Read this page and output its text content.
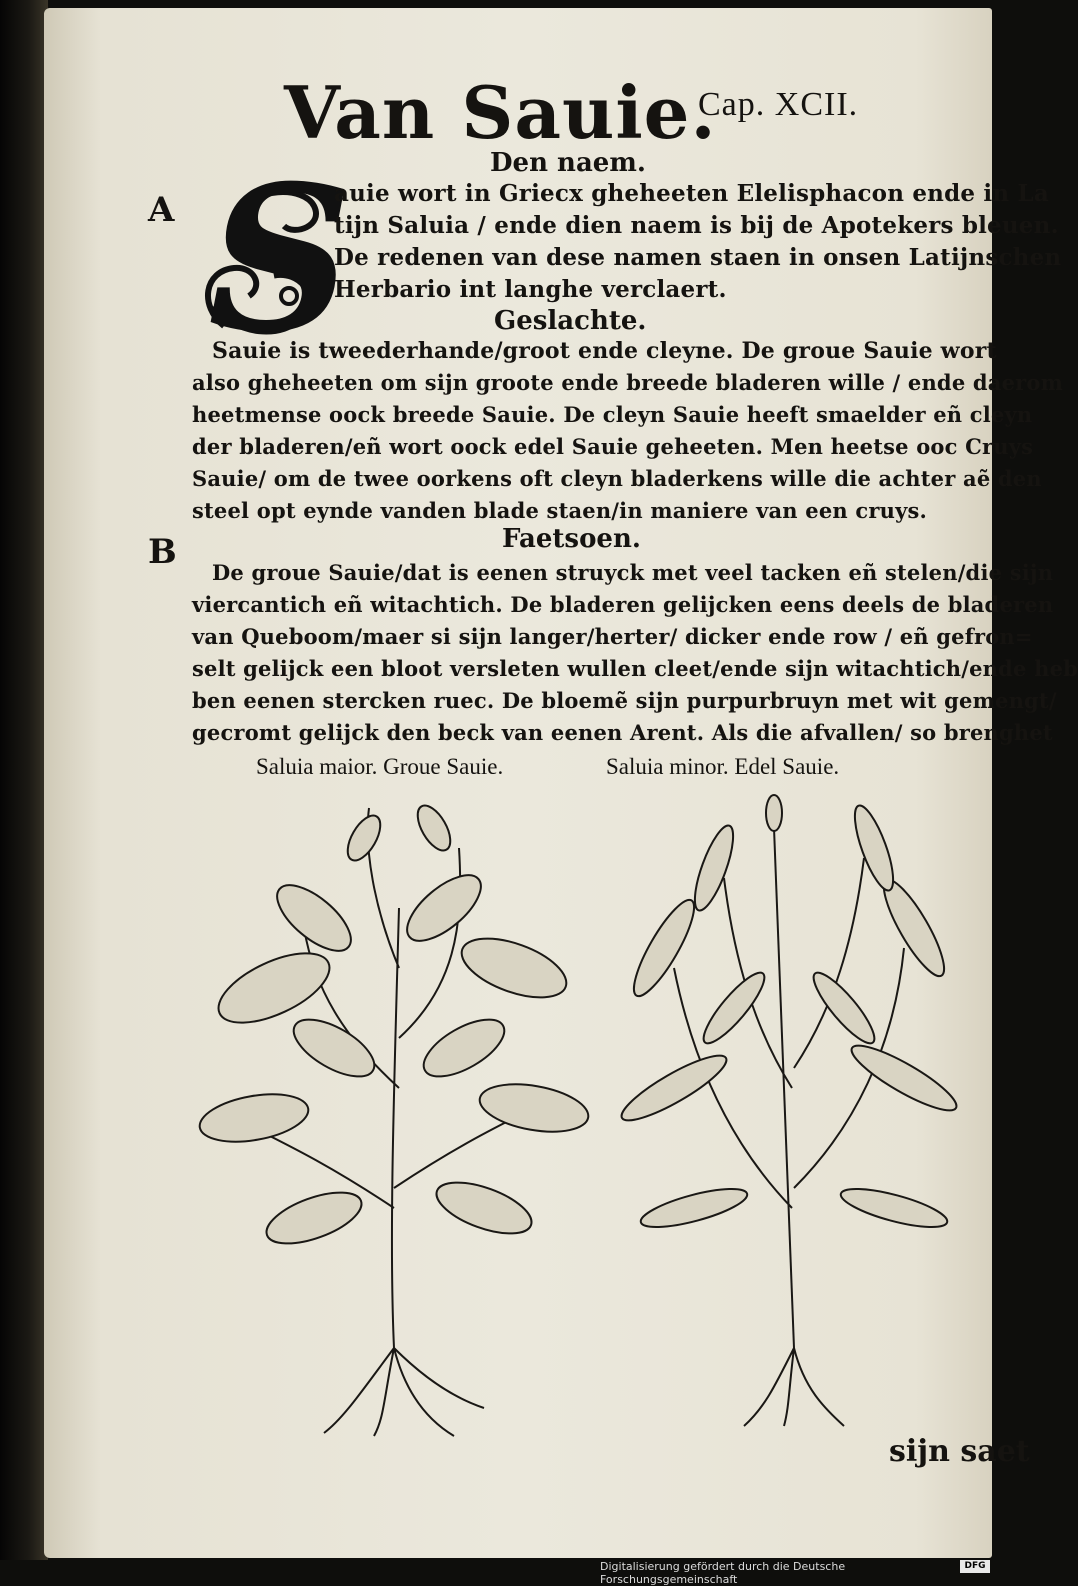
Van Sauie.
Cap. XCII.
Den naem.
A S
auie wort in Griecx gheheeten Elelisphacon ende in La
tijn Saluia / ende dien naem is bij de Apotekers bleuen.
De redenen van dese namen staen in onsen Latijnschen
Herbario int langhe verclaert.
Geslachte.
Sauie is tweederhande/groot ende cleyne. De groue Sauie wort
also gheheeten om sijn groote ende breede bladeren wille / ende daerom
heetmense oock breede Sauie. De cleyn Sauie heeft smaelder eñ cleyn
der bladeren/eñ wort oock edel Sauie geheeten. Men heetse ooc Cruys
Sauie/ om de twee oorkens oft cleyn bladerkens wille die achter aẽ den
steel opt eynde vanden blade staen/in maniere van een cruys.
Faetsoen.
B
De groue Sauie/dat is eenen struyck met veel tacken eñ stelen/die sijn
viercantich eñ witachtich. De bladeren gelijcken eens deels de bladeren
van Queboom/maer si sijn langer/herter/ dicker ende row / eñ gefron=
selt gelijck een bloot versleten wullen cleet/ende sijn witachtich/ende heb
ben eenen stercken ruec. De bloemẽ sijn purpurbruyn met wit gemengt/
gecromt gelijck den beck van eenen Arent. Als die afvallen/ so brenghet
Saluia maior. Groue Sauie.	Saluia minor. Edel Sauie.
sijn saet
Digitalisierung gefördert durch die Deutsche Forschungsgemeinschaft
DFG
